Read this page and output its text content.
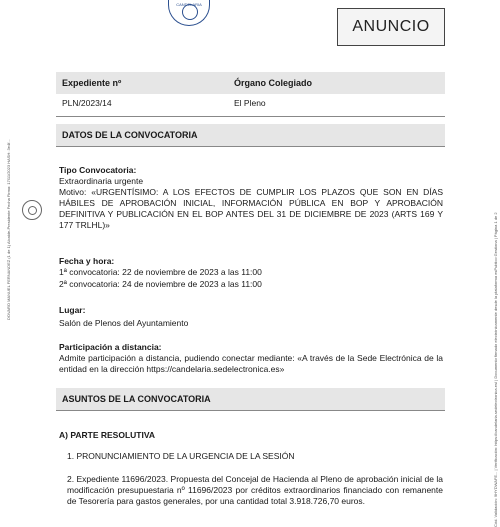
CANDELARIA
ANUNCIO
DOVARO MANUEL FERNANDEZ (1 de 1) Alcalde-Presidente Fecha Firma: 17/11/2023 HASH: 3e4f...	Cód. Validación: 9HYDWAFE... | Verificación: https://candelaria.sedelectronica.es/ | Documento firmado electrónicamente desde la plataforma esPublico Gestiona | Página 1 de 2
Expediente nº	Órgano Colegiado
PLN/2023/14	El Pleno
DATOS DE LA CONVOCATORIA
Tipo Convocatoria:
Extraordinaria urgente
Motivo: «URGENTÍSIMO: A LOS EFECTOS DE CUMPLIR LOS PLAZOS QUE SON EN DÍAS HÁBILES DE APROBACIÓN INICIAL, INFORMACIÓN PÚBLICA EN BOP Y APROBACIÓN DEFINITIVA Y PUBLICACIÓN EN EL BOP ANTES DEL 31 DE DICIEMBRE DE 2023 (ARTS 169 Y 177 TRLHL)»
Fecha y hora:
1ª convocatoria: 22 de noviembre de 2023 a las 11:00
2ª convocatoria: 24 de noviembre de 2023 a las 11:00
Lugar:
Salón de Plenos del Ayuntamiento
Participación a distancia:
Admite participación a distancia, pudiendo conectar mediante: «A través de la Sede Electrónica de la entidad en la dirección https://candelaria.sedelectronica.es»
ASUNTOS DE LA CONVOCATORIA
A) PARTE RESOLUTIVA
1. PRONUNCIAMIENTO DE LA URGENCIA DE LA SESIÓN
2. Expediente 11696/2023. Propuesta del Concejal de Hacienda al Pleno de aprobación inicial de la modificación presupuestaria nº 11696/2023 por créditos extraordinarios financiado con remanente de Tesorería para gastos generales, por una cantidad total 3.918.726,70 euros.
